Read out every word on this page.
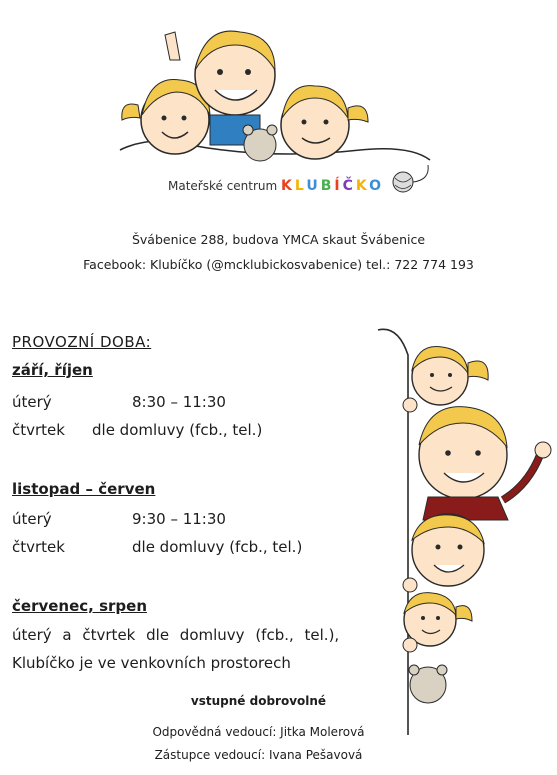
Mateřské centrum KLUBÍČKO
Švábenice 288, budova YMCA skaut Švábenice
Facebook: Klubíčko (@mcklubickosvabenice) tel.: 722 774 193
PROVOZNÍ DOBA:
září, říjen
úterý	8:30 – 11:30
čtvrtek dle domluvy (fcb., tel.)
listopad – červen
úterý	9:30 – 11:30
čtvrtek	dle domluvy (fcb., tel.)
červenec, srpen
úterý a čtvrtek dle domluvy (fcb., tel.),
Klubíčko je ve venkovních prostorech
vstupné dobrovolné
Odpovědná vedoucí: Jitka Molerová
Zástupce vedoucí: Ivana Pešavová
